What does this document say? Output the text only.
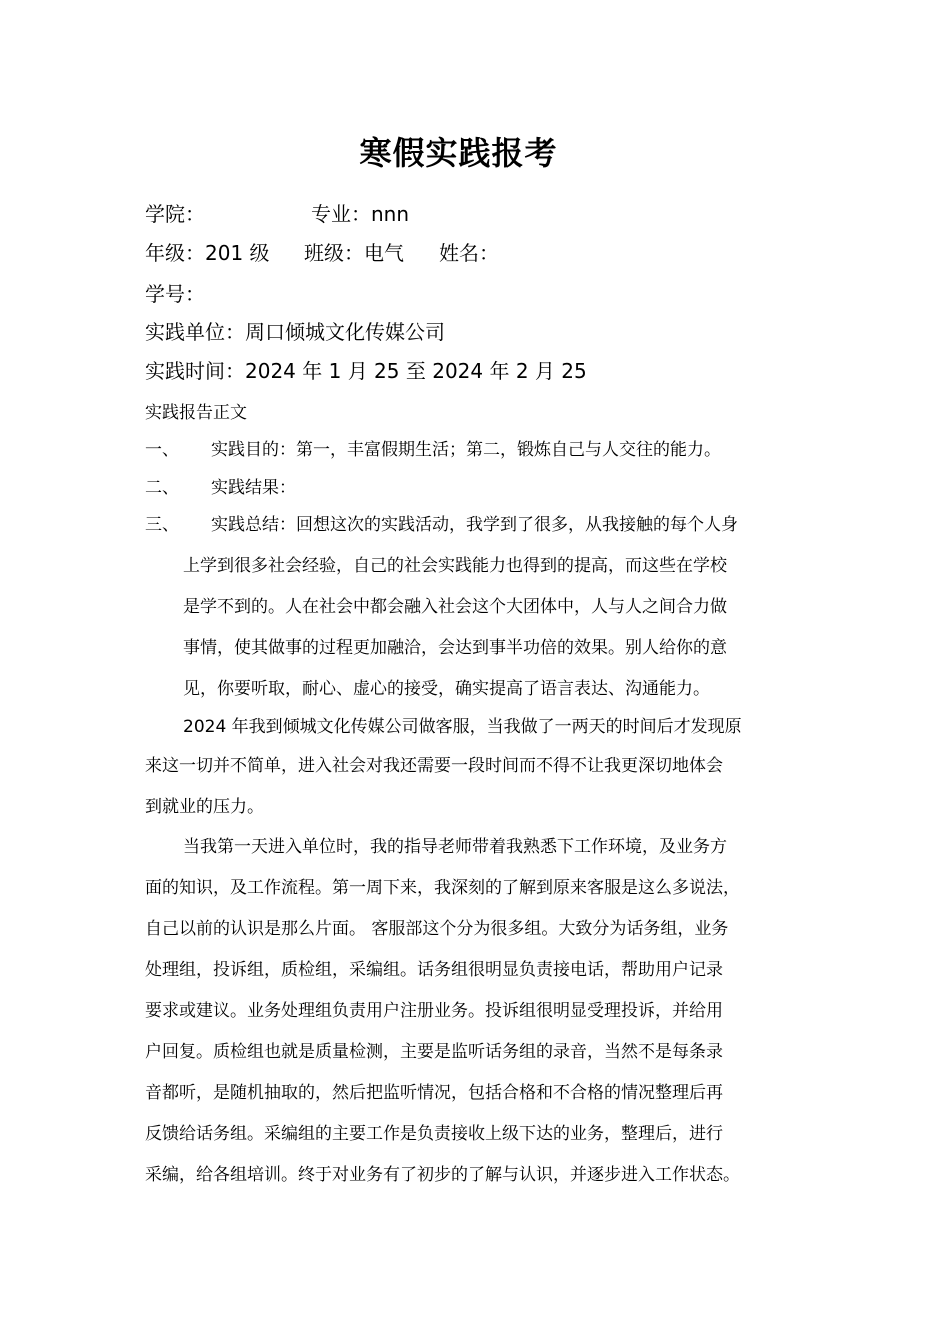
寒假实践报考
学院：	专业：nnn
年级：201 级 班级：电气 姓名：
学号：
实践单位：周口倾城文化传媒公司
实践时间：2024 年 1 月 25 至 2024 年 2 月 25
实践报告正文
一、 实践目的：第一，丰富假期生活；第二，锻炼自己与人交往的能力。
二、 实践结果：
三、 实践总结：回想这次的实践活动，我学到了很多，从我接触的每个人身
上学到很多社会经验，自己的社会实践能力也得到的提高，而这些在学校
是学不到的。人在社会中都会融入社会这个大团体中，人与人之间合力做
事情，使其做事的过程更加融洽，会达到事半功倍的效果。别人给你的意
见，你要听取，耐心、虚心的接受，确实提高了语言表达、沟通能力。
2024 年我到倾城文化传媒公司做客服，当我做了一两天的时间后才发现原
来这一切并不简单，进入社会对我还需要一段时间而不得不让我更深切地体会
到就业的压力。
当我第一天进入单位时，我的指导老师带着我熟悉下工作环境，及业务方
面的知识，及工作流程。第一周下来，我深刻的了解到原来客服是这么多说法，
自己以前的认识是那么片面。 客服部这个分为很多组。大致分为话务组，业务
处理组，投诉组，质检组，采编组。话务组很明显负责接电话，帮助用户记录
要求或建议。业务处理组负责用户注册业务。投诉组很明显受理投诉，并给用
户回复。质检组也就是质量检测，主要是监听话务组的录音，当然不是每条录
音都听，是随机抽取的，然后把监听情况，包括合格和不合格的情况整理后再
反馈给话务组。采编组的主要工作是负责接收上级下达的业务，整理后，进行
采编，给各组培训。终于对业务有了初步的了解与认识，并逐步进入工作状态。
